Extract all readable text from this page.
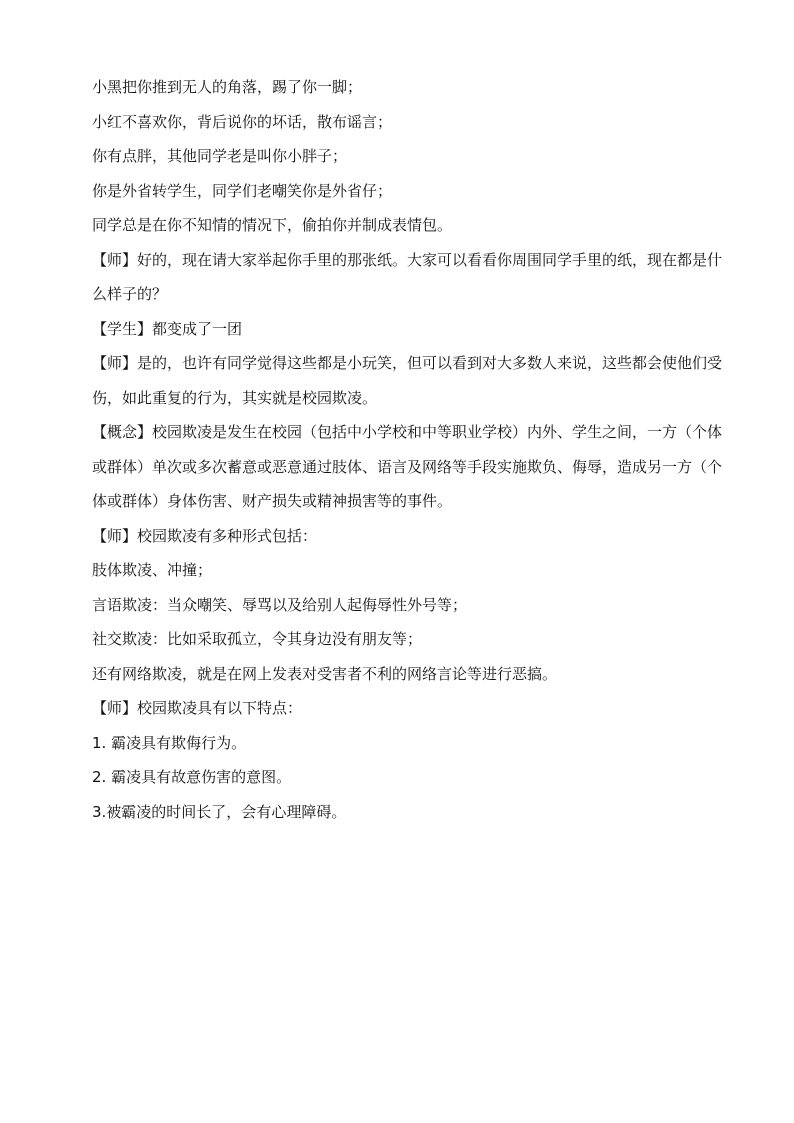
小黑把你推到无人的角落，踢了你一脚；

小红不喜欢你，背后说你的坏话，散布谣言；

你有点胖，其他同学老是叫你小胖子；

你是外省转学生，同学们老嘲笑你是外省仔；

同学总是在你不知情的情况下，偷拍你并制成表情包。

【师】好的，现在请大家举起你手里的那张纸。大家可以看看你周围同学手里的纸，现在都是什么样子的？

【学生】都变成了一团

【师】是的，也许有同学觉得这些都是小玩笑，但可以看到对大多数人来说，这些都会使他们受伤，如此重复的行为，其实就是校园欺凌。

【概念】校园欺凌是发生在校园（包括中小学校和中等职业学校）内外、学生之间，一方（个体或群体）单次或多次蓄意或恶意通过肢体、语言及网络等手段实施欺负、侮辱，造成另一方（个体或群体）身体伤害、财产损失或精神损害等的事件。

【师】校园欺凌有多种形式包括：

肢体欺凌、冲撞；

言语欺凌：当众嘲笑、辱骂以及给别人起侮辱性外号等；

社交欺凌：比如采取孤立，令其身边没有朋友等；

还有网络欺凌，就是在网上发表对受害者不利的网络言论等进行恶搞。

【师】校园欺凌具有以下特点：

1. 霸凌具有欺侮行为。

2. 霸凌具有故意伤害的意图。

3.被霸凌的时间长了，会有心理障碍。
